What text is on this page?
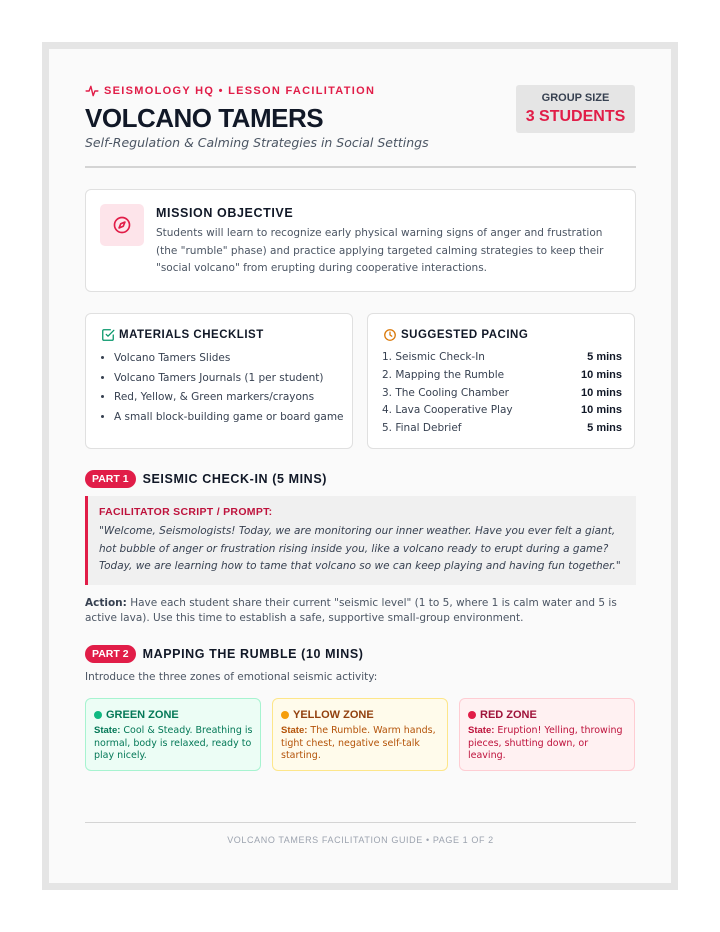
SEISMOLOGY HQ • LESSON FACILITATION
VOLCANO TAMERS
Self-Regulation & Calming Strategies in Social Settings
GROUP SIZE
3 STUDENTS
MISSION OBJECTIVE
Students will learn to recognize early physical warning signs of anger and frustration (the "rumble" phase) and practice applying targeted calming strategies to keep their "social volcano" from erupting during cooperative interactions.
MATERIALS CHECKLIST
• Volcano Tamers Slides
• Volcano Tamers Journals (1 per student)
• Red, Yellow, & Green markers/crayons
• A small block-building game or board game
SUGGESTED PACING
1. Seismic Check-In	5 mins
2. Mapping the Rumble	10 mins
3. The Cooling Chamber	10 mins
4. Lava Cooperative Play	10 mins
5. Final Debrief	5 mins
PART 1	SEISMIC CHECK-IN (5 MINS)
FACILITATOR SCRIPT / PROMPT:
"Welcome, Seismologists! Today, we are monitoring our inner weather. Have you ever felt a giant, hot bubble of anger or frustration rising inside you, like a volcano ready to erupt during a game? Today, we are learning how to tame that volcano so we can keep playing and having fun together."
Action: Have each student share their current "seismic level" (1 to 5, where 1 is calm water and 5 is active lava). Use this time to establish a safe, supportive small-group environment.
PART 2	MAPPING THE RUMBLE (10 MINS)
Introduce the three zones of emotional seismic activity:
GREEN ZONE
State: Cool & Steady. Breathing is normal, body is relaxed, ready to play nicely.
YELLOW ZONE
State: The Rumble. Warm hands, tight chest, negative self-talk starting.
RED ZONE
State: Eruption! Yelling, throwing pieces, shutting down, or leaving.
VOLCANO TAMERS FACILITATION GUIDE • PAGE 1 OF 2
